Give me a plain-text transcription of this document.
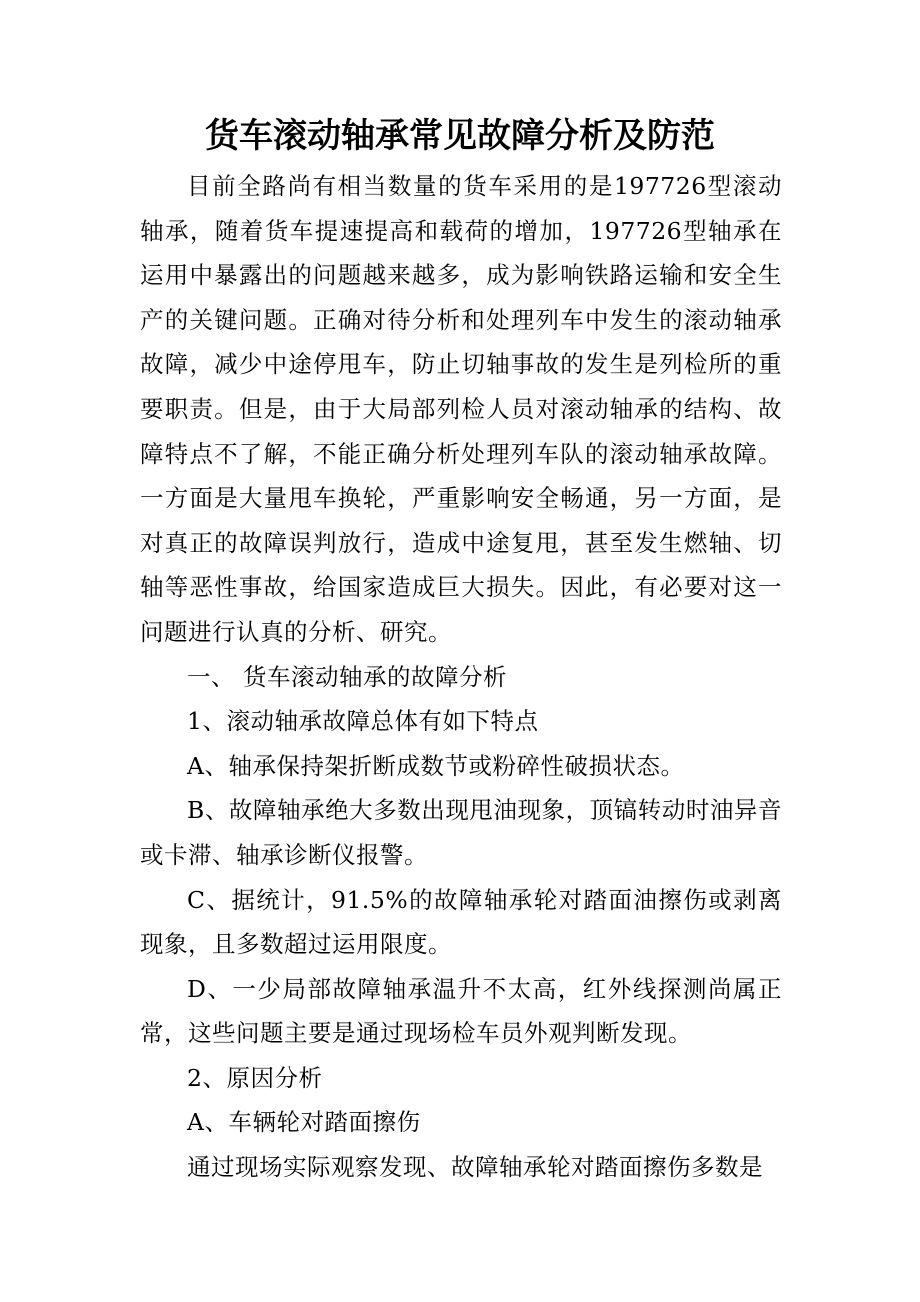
货车滚动轴承常见故障分析及防范

目前全路尚有相当数量的货车采用的是197726型滚动轴承，随着货车提速提高和载荷的增加，197726型轴承在运用中暴露出的问题越来越多，成为影响铁路运输和安全生产的关键问题。正确对待分析和处理列车中发生的滚动轴承故障，减少中途停甩车，防止切轴事故的发生是列检所的重要职责。但是，由于大局部列检人员对滚动轴承的结构、故障特点不了解，不能正确分析处理列车队的滚动轴承故障。一方面是大量甩车换轮，严重影响安全畅通，另一方面，是对真正的故障误判放行，造成中途复甩，甚至发生燃轴、切轴等恶性事故，给国家造成巨大损失。因此，有必要对这一问题进行认真的分析、研究。

一、 货车滚动轴承的故障分析

1、滚动轴承故障总体有如下特点

A、轴承保持架折断成数节或粉碎性破损状态。

B、故障轴承绝大多数出现甩油现象，顶镐转动时油异音或卡滞、轴承诊断仪报警。

C、据统计，91.5%的故障轴承轮对踏面油擦伤或剥离现象，且多数超过运用限度。

D、一少局部故障轴承温升不太高，红外线探测尚属正常，这些问题主要是通过现场检车员外观判断发现。

2、原因分析

A、车辆轮对踏面擦伤

通过现场实际观察发现、故障轴承轮对踏面擦伤多数是
